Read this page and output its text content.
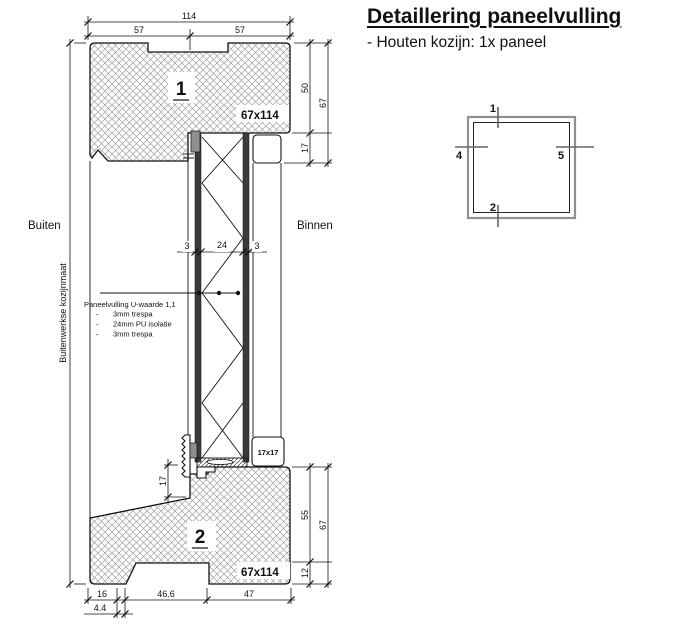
Detaillering paneelvulling

- Houten kozijn: 1x paneel

1
67x114
2
67x114
17x17
Buiten	Binnen
114
57	57
50
17
67
3	24	3
Paneelvulling U-waarde 1,1
- 3mm trespa
- 24mm PU isolatie
- 3mm trespa
17
55
12
67
16	46.6	47
4.4
Buitenwerkse kozijnmaat
1
2
4	5
